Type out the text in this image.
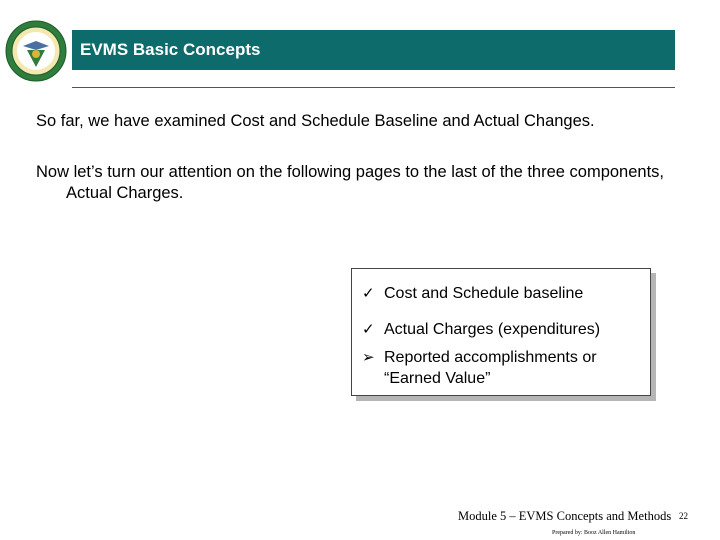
EVMS Basic Concepts
So far, we have examined Cost and Schedule Baseline and Actual Changes.
Now let’s turn our attention on the following pages to the last of the three components, Actual Charges.
✓ Cost and Schedule baseline
✓ Actual Charges (expenditures)
➢ Reported accomplishments or “Earned Value”
Module 5 – EVMS Concepts and Methods 22
Prepared by: Booz Allen Hamilton
